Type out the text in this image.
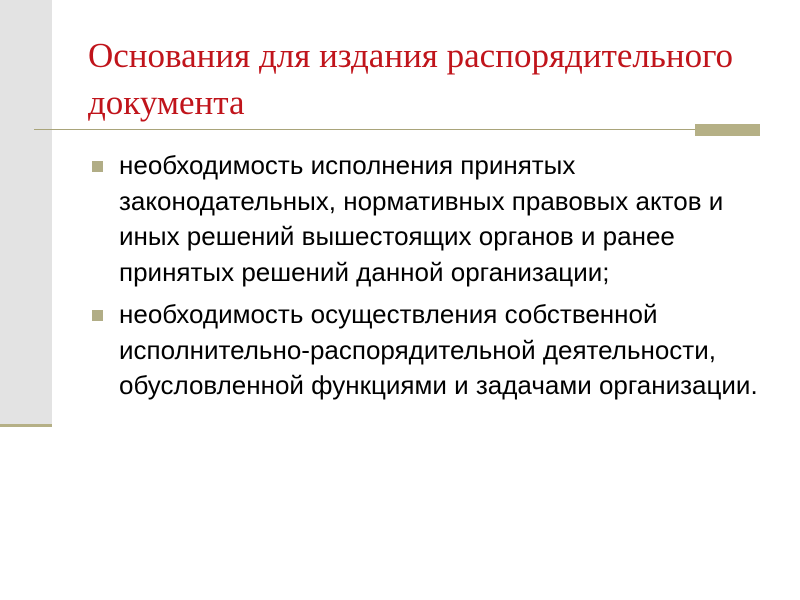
Основания для издания распорядительного документа
необходимость исполнения принятых законодательных, нормативных правовых актов и иных решений вышестоящих органов и ранее принятых решений данной организации;
необходимость осуществления собственной исполнительно-распорядительной деятельности, обусловленной функциями и задачами организации.
